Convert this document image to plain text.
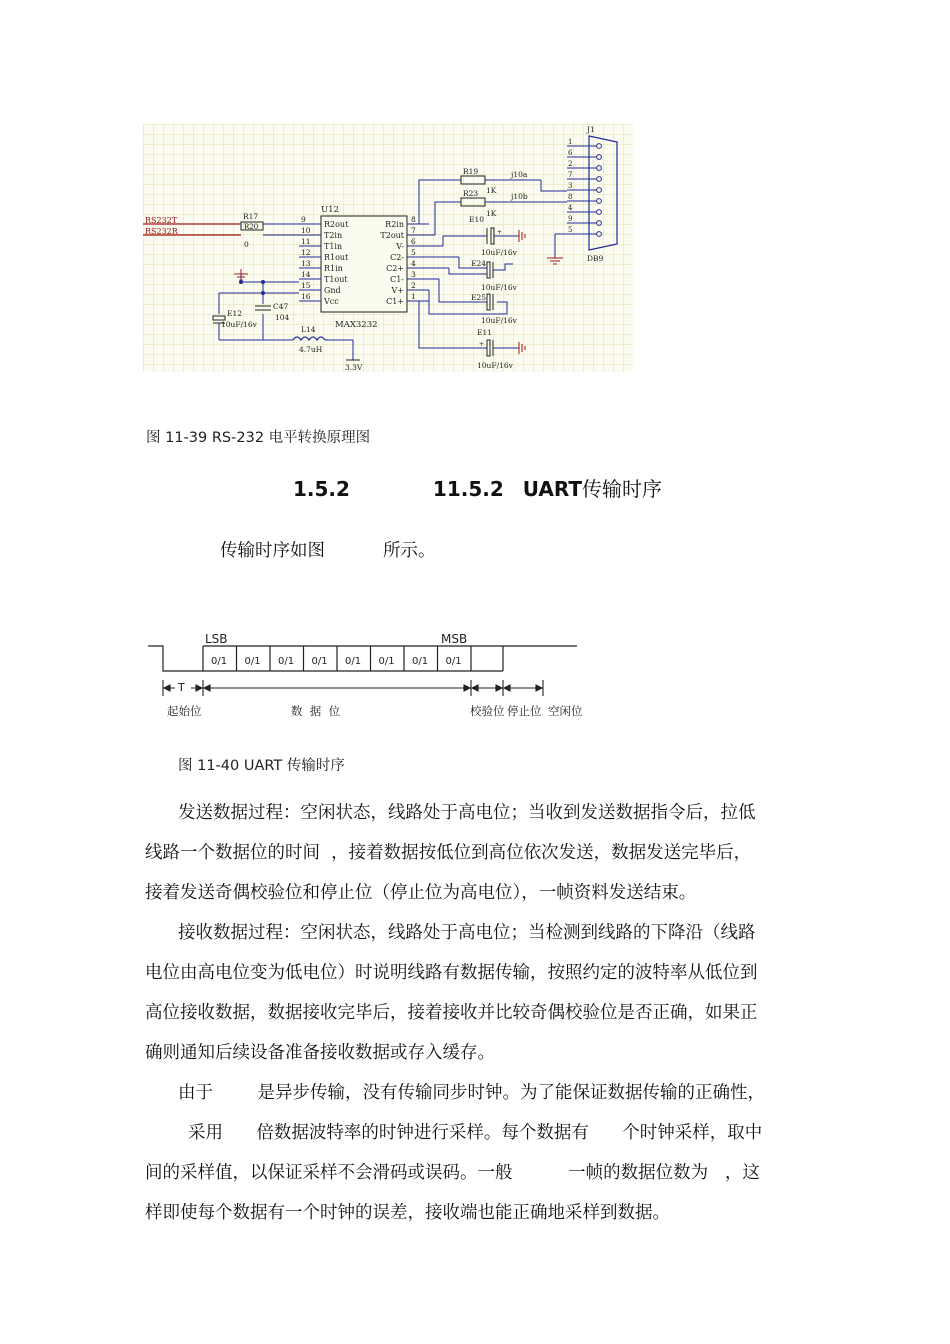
U12
MAX3232
9
R2out
10
T2in
11
T1in
12
R1out
13
R1in
14
T1out
15
Gnd
16
Vcc
8
R2in
7
T2out
6
V-
5
C2-
4
C2+
3
C1-
2
V+
1
C1+
RS232T
RS232R
R17
R20
0
C47
104
E12
10uF/16v
L14
4.7uH
3.3V
R19
1K
R23
1K
j10a
j10b
E10
+
10uF/16v
E24
10uF/16v
E25
10uF/16v
E11
+
10uF/16v
J1
1
6
2
7
3
8
4
9
5
DB9
图 11-39 RS-232 电平转换原理图
1.5.2	11.5.2 UART传输时序
传输时序如图	所示。
LSB	MSB
0/1 0/1 0/1 0/1 0/1 0/1 0/1 0/1
T
起始位	数  据  位	校验位 停止位 空闲位
图 11-40 UART 传输时序
发送数据过程：空闲状态，线路处于高电位；当收到发送数据指令后，拉低
线路一个数据位的时间  ，接着数据按低位到高位依次发送，数据发送完毕后，
接着发送奇偶校验位和停止位（停止位为高电位），一帧资料发送结束。
接收数据过程：空闲状态，线路处于高电位；当检测到线路的下降沿（线路
电位由高电位变为低电位）时说明线路有数据传输，按照约定的波特率从低位到
高位接收数据，数据接收完毕后，接着接收并比较奇偶校验位是否正确，如果正
确则通知后续设备准备接收数据或存入缓存。
由于        是异步传输，没有传输同步时钟。为了能保证数据传输的正确性，
采用      倍数据波特率的时钟进行采样。每个数据有      个时钟采样，取中
间的采样值，以保证采样不会滑码或误码。一般          一帧的数据位数为   ，这
样即使每个数据有一个时钟的误差，接收端也能正确地采样到数据。
